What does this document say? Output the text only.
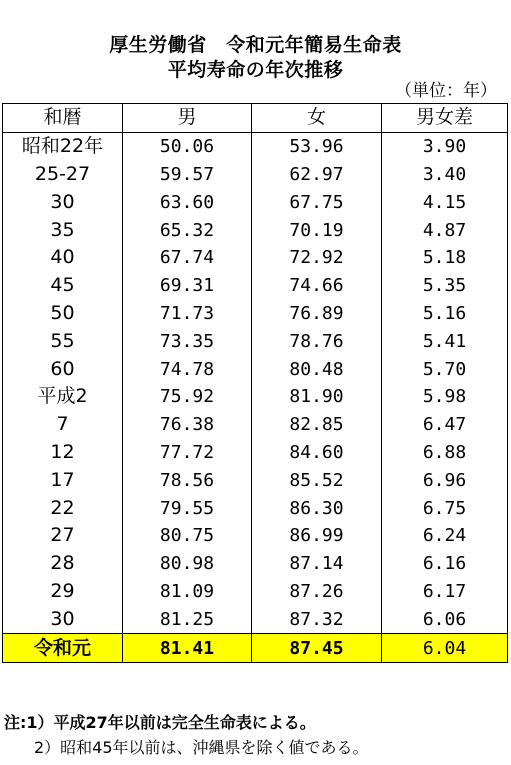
厚生労働省　令和元年簡易生命表
平均寿命の年次推移
（単位：年）
和暦	男	女	男女差
昭和22年	50.06	53.96	3.90
25-27	59.57	62.97	3.40
30	63.60	67.75	4.15
35	65.32	70.19	4.87
40	67.74	72.92	5.18
45	69.31	74.66	5.35
50	71.73	76.89	5.16
55	73.35	78.76	5.41
60	74.78	80.48	5.70
平成2	75.92	81.90	5.98
7	76.38	82.85	6.47
12	77.72	84.60	6.88
17	78.56	85.52	6.96
22	79.55	86.30	6.75
27	80.75	86.99	6.24
28	80.98	87.14	6.16
29	81.09	87.26	6.17
30	81.25	87.32	6.06
令和元	81.41	87.45	6.04
注:1）平成27年以前は完全生命表による。
2）昭和45年以前は、沖縄県を除く値である。
